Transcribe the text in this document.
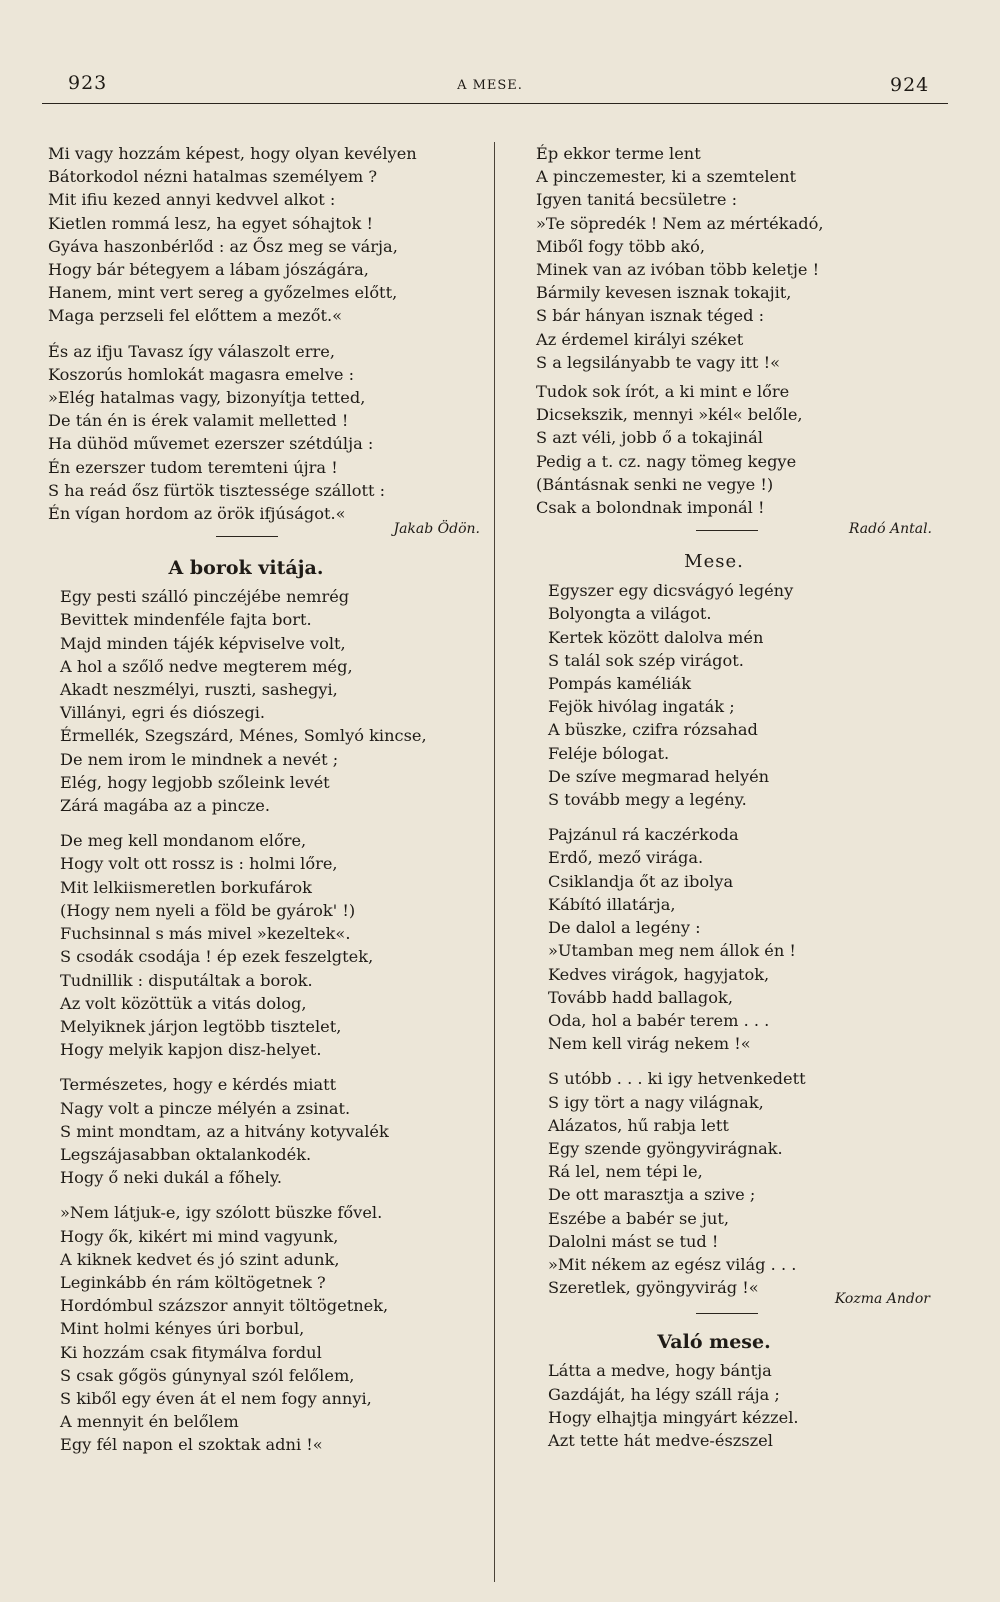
923	A MESE.	924
Mi vagy hozzám képest, hogy olyan kevélyen
Bátorkodol nézni hatalmas személyem ?
Mit ifiu kezed annyi kedvvel alkot :
Kietlen rommá lesz, ha egyet sóhajtok !
Gyáva haszonbérlőd : az Ősz meg se várja,
Hogy bár bétegyem a lábam jószágára,
Hanem, mint vert sereg a győzelmes előtt,
Maga perzseli fel előttem a mezőt.«
És az ifju Tavasz így válaszolt erre,
Koszorús homlokát magasra emelve :
»Elég hatalmas vagy, bizonyítja tetted,
De tán én is érek valamit melletted !
Ha dühöd művemet ezerszer szétdúlja :
Én ezerszer tudom teremteni újra !
S ha reád ősz fürtök tisztessége szállott :
Én vígan hordom az örök ifjúságot.«
Jakab Ödön.
A borok vitája.
Egy pesti szálló pinczéjébe nemrég
Bevittek mindenféle fajta bort.
Majd minden tájék képviselve volt,
A hol a szőlő nedve megterem még,
Akadt neszmélyi, ruszti, sashegyi,
Villányi, egri és diószegi.
Érmellék, Szegszárd, Ménes, Somlyó kincse,
De nem irom le mindnek a nevét ;
Elég, hogy legjobb szőleink levét
Zárá magába az a pincze.
De meg kell mondanom előre,
Hogy volt ott rossz is : holmi lőre,
Mit lelkiismeretlen borkufárok
(Hogy nem nyeli a föld be gyárok' !)
Fuchsinnal s más mivel »kezeltek«.
S csodák csodája ! ép ezek feszelgtek,
Tudnillik : disputáltak a borok.
Az volt közöttük a vitás dolog,
Melyiknek járjon legtöbb tisztelet,
Hogy melyik kapjon disz-helyet.
Természetes, hogy e kérdés miatt
Nagy volt a pincze mélyén a zsinat.
S mint mondtam, az a hitvány kotyvalék
Legszájasabban oktalankodék.
Hogy ő neki dukál a főhely.
»Nem látjuk-e, igy szólott büszke fővel.
Hogy ők, kikért mi mind vagyunk,
A kiknek kedvet és jó szint adunk,
Leginkább én rám költögetnek ?
Hordómbul százszor annyit töltögetnek,
Mint holmi kényes úri borbul,
Ki hozzám csak fitymálva fordul
S csak gőgös gúnynyal szól felőlem,
S kiből egy éven át el nem fogy annyi,
A mennyit én belőlem
Egy fél napon el szoktak adni !«
Ép ekkor terme lent
A pinczemester, ki a szemtelent
Igyen tanitá becsületre :
»Te söpredék ! Nem az mértékadó,
Miből fogy több akó,
Minek van az ivóban több keletje !
Bármily kevesen isznak tokajit,
S bár hányan isznak téged :
Az érdemel királyi széket
S a legsilányabb te vagy itt !«
Tudok sok írót, a ki mint e lőre
Dicsekszik, mennyi »kél« belőle,
S azt véli, jobb ő a tokajinál
Pedig a t. cz. nagy tömeg kegye
(Bántásnak senki ne vegye !)
Csak a bolondnak imponál !
Radó Antal.
Mese.
Egyszer egy dicsvágyó legény
Bolyongta a világot.
Kertek között dalolva mén
S talál sok szép virágot.
Pompás kaméliák
Fejök hivólag ingaták ;
A büszke, czifra rózsahad
Feléje bólogat.
De szíve megmarad helyén
S tovább megy a legény.
Pajzánul rá kaczérkoda
Erdő, mező virága.
Csiklandja őt az ibolya
Kábító illatárja,
De dalol a legény :
»Utamban meg nem állok én !
Kedves virágok, hagyjatok,
Tovább hadd ballagok,
Oda, hol a babér terem . . .
Nem kell virág nekem !«
S utóbb . . . ki igy hetvenkedett
S igy tört a nagy világnak,
Alázatos, hű rabja lett
Egy szende gyöngyvirágnak.
Rá lel, nem tépi le,
De ott marasztja a szive ;
Eszébe a babér se jut,
Dalolni mást se tud !
»Mit nékem az egész világ . . .
Szeretlek, gyöngyvirág !«
Kozma Andor
Való mese.
Látta a medve, hogy bántja
Gazdáját, ha légy száll rája ;
Hogy elhajtja mingyárt kézzel.
Azt tette hát medve-észszel
